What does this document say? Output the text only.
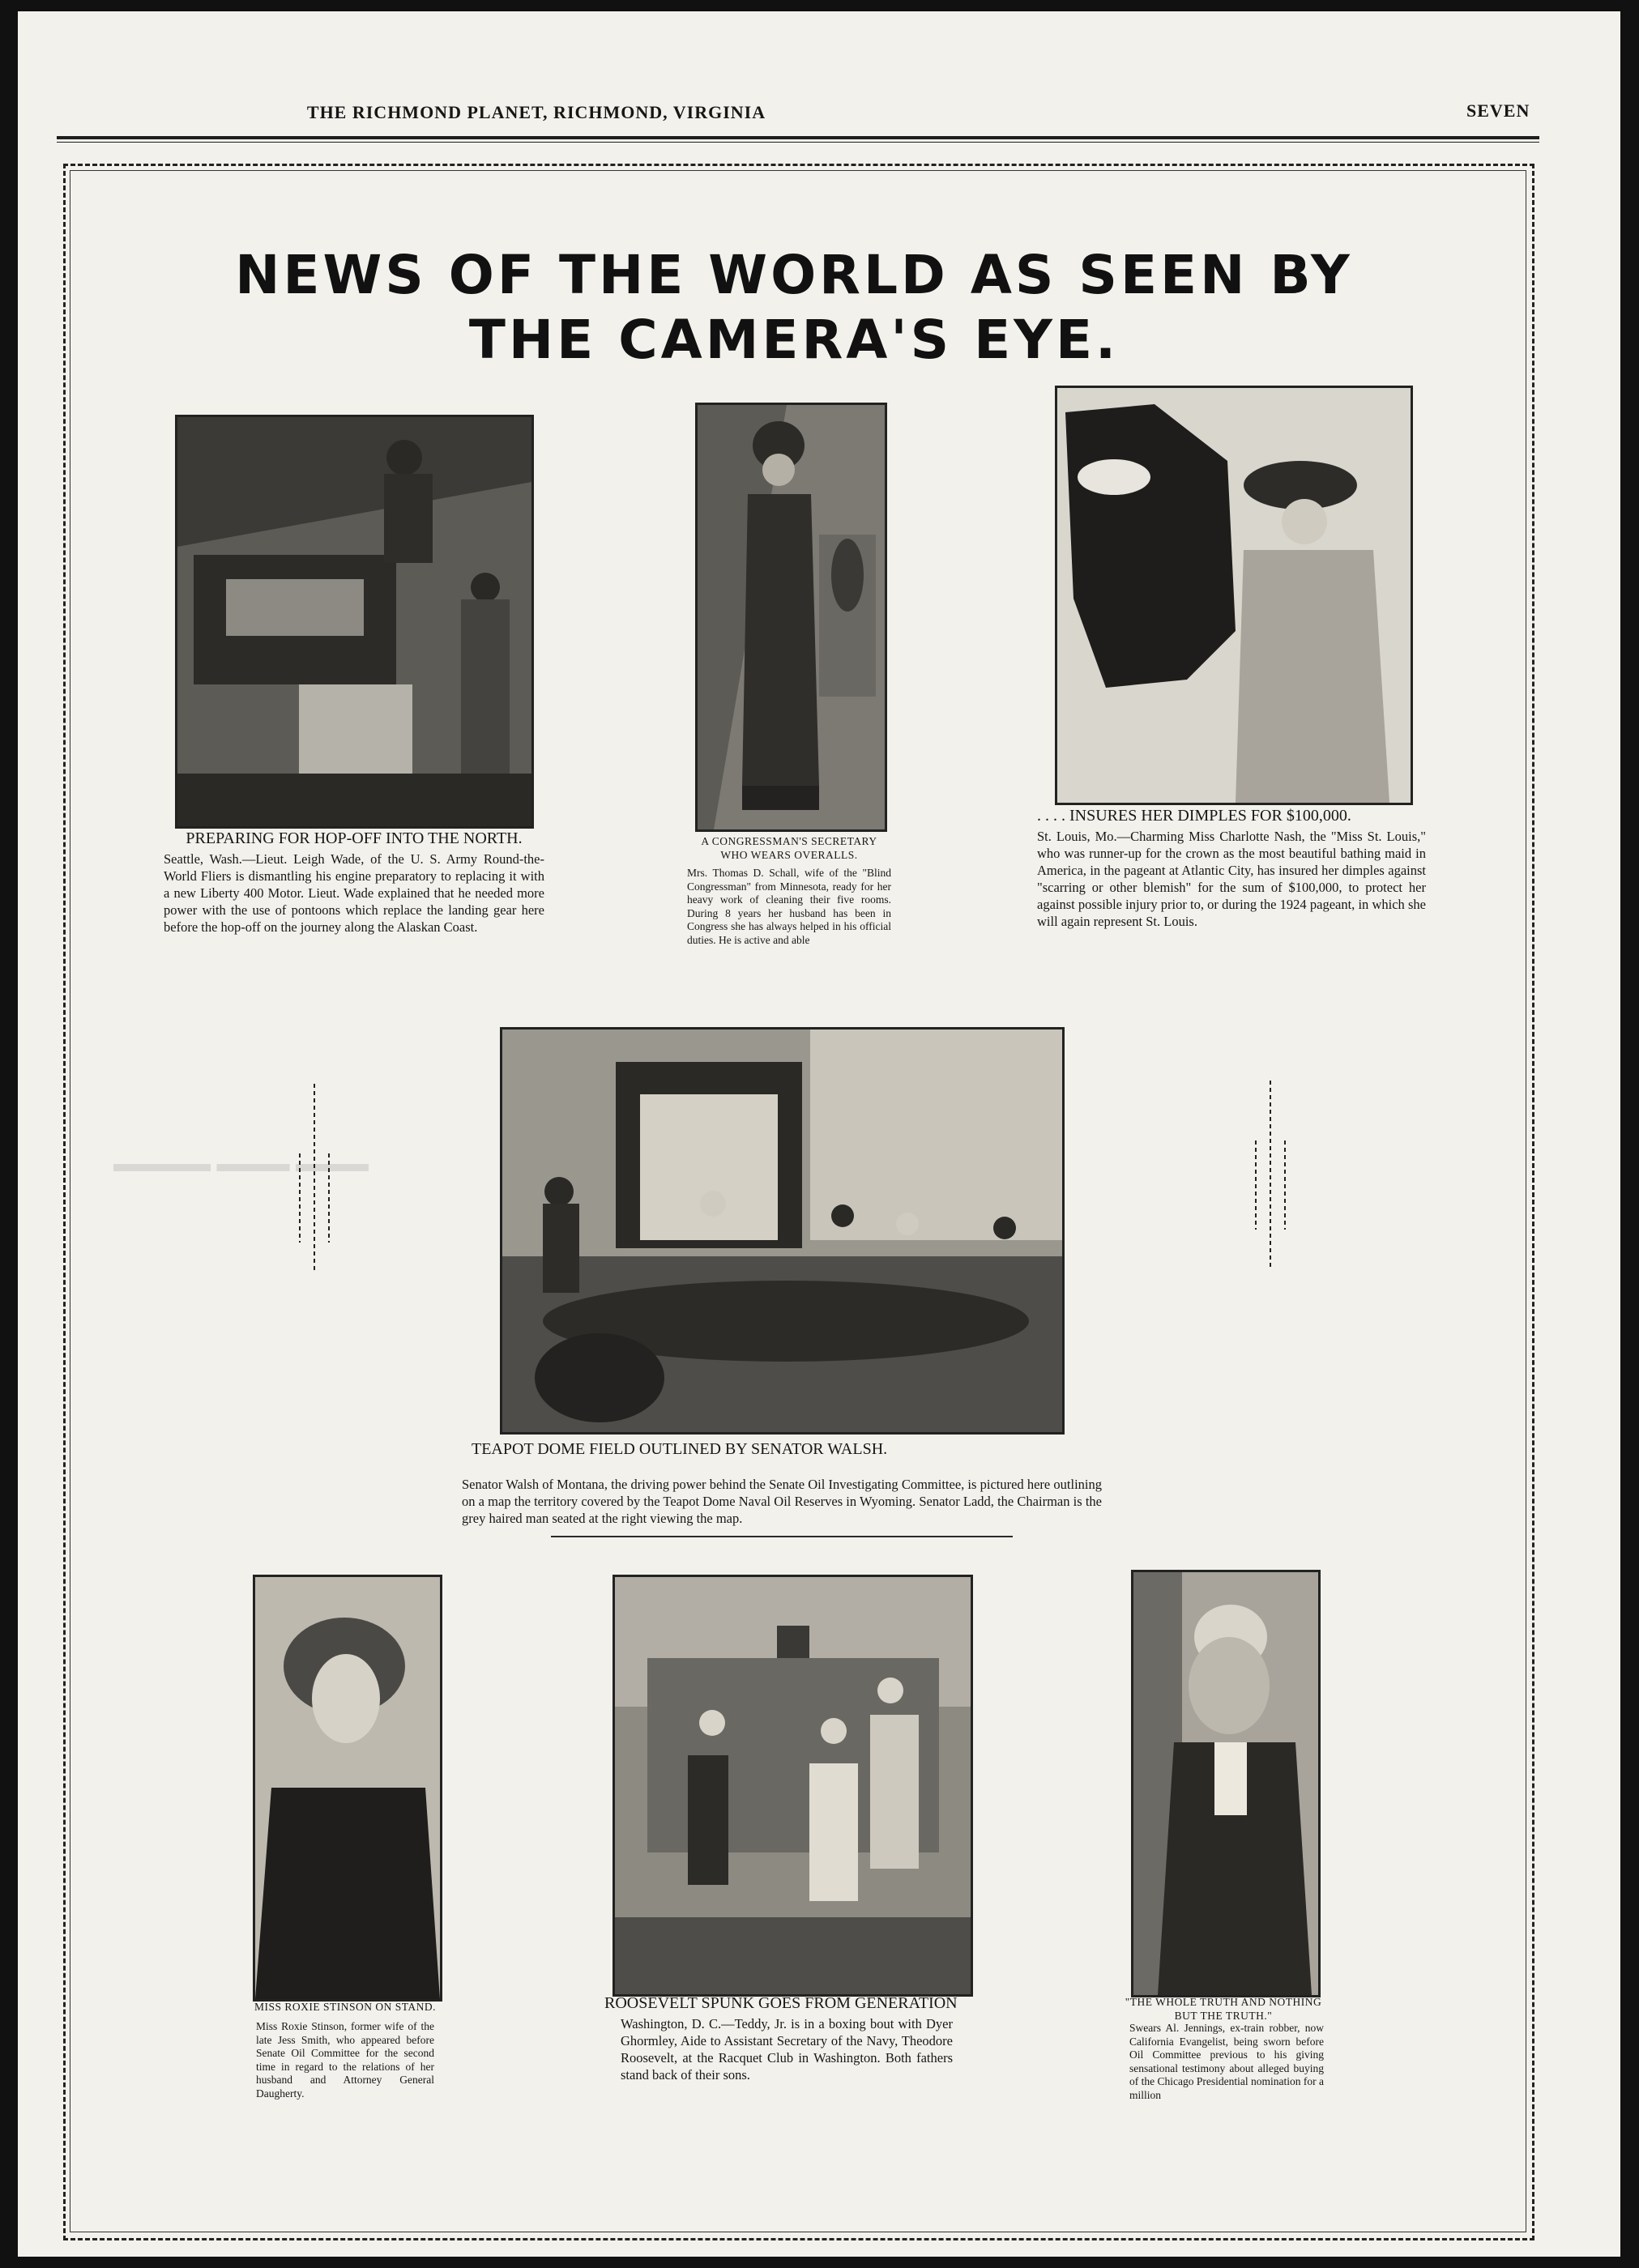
▬▬▬▬ ▬▬▬ ▬▬▬
THE RICHMOND PLANET, RICHMOND, VIRGINIA	SEVEN
NEWS OF THE WORLD AS SEEN BY
THE CAMERA'S EYE.
PREPARING FOR HOP-OFF INTO THE NORTH.
Seattle, Wash.—Lieut. Leigh Wade, of the U. S. Army Round-the-World Fliers is dismantling his engine preparatory to replacing it with a new Liberty 400 Motor. Lieut. Wade explained that he needed more power with the use of pontoons which replace the landing gear here before the hop-off on the journey along the Alaskan Coast.
A CONGRESSMAN'S SECRETARY WHO WEARS OVERALLS.
Mrs. Thomas D. Schall, wife of the "Blind Congressman" from Minnesota, ready for her heavy work of cleaning their five rooms. During 8 years her husband has been in Congress she has always helped in his official duties. He is active and able
. . . . INSURES HER DIMPLES FOR $100,000.
St. Louis, Mo.—Charming Miss Charlotte Nash, the "Miss St. Louis," who was runner-up for the crown as the most beautiful bathing maid in America, in the pageant at Atlantic City, has insured her dimples against "scarring or other blemish" for the sum of $100,000, to protect her against possible injury prior to, or during the 1924 pageant, in which she will again represent St. Louis.
TEAPOT DOME FIELD OUTLINED BY SENATOR WALSH.
Senator Walsh of Montana, the driving power behind the Senate Oil Investigating Committee, is pictured here outlining on a map the territory covered by the Teapot Dome Naval Oil Reserves in Wyoming. Senator Ladd, the Chairman is the grey haired man seated at the right viewing the map.
MISS ROXIE STINSON ON STAND.
Miss Roxie Stinson, former wife of the late Jess Smith, who appeared before Senate Oil Committee for the second time in regard to the relations of her husband and Attorney General Daugherty.
ROOSEVELT SPUNK GOES FROM GENERATION
Washington, D. C.—Teddy, Jr. is in a boxing bout with Dyer Ghormley, Aide to Assistant Secretary of the Navy, Theodore Roosevelt, at the Racquet Club in Washington. Both fathers stand back of their sons.
"THE WHOLE TRUTH AND NOTHING BUT THE TRUTH."
Swears Al. Jennings, ex-train robber, now California Evangelist, being sworn before Oil Committee previous to his giving sensational testimony about alleged buying of the Chicago Presidential nomination for a million
